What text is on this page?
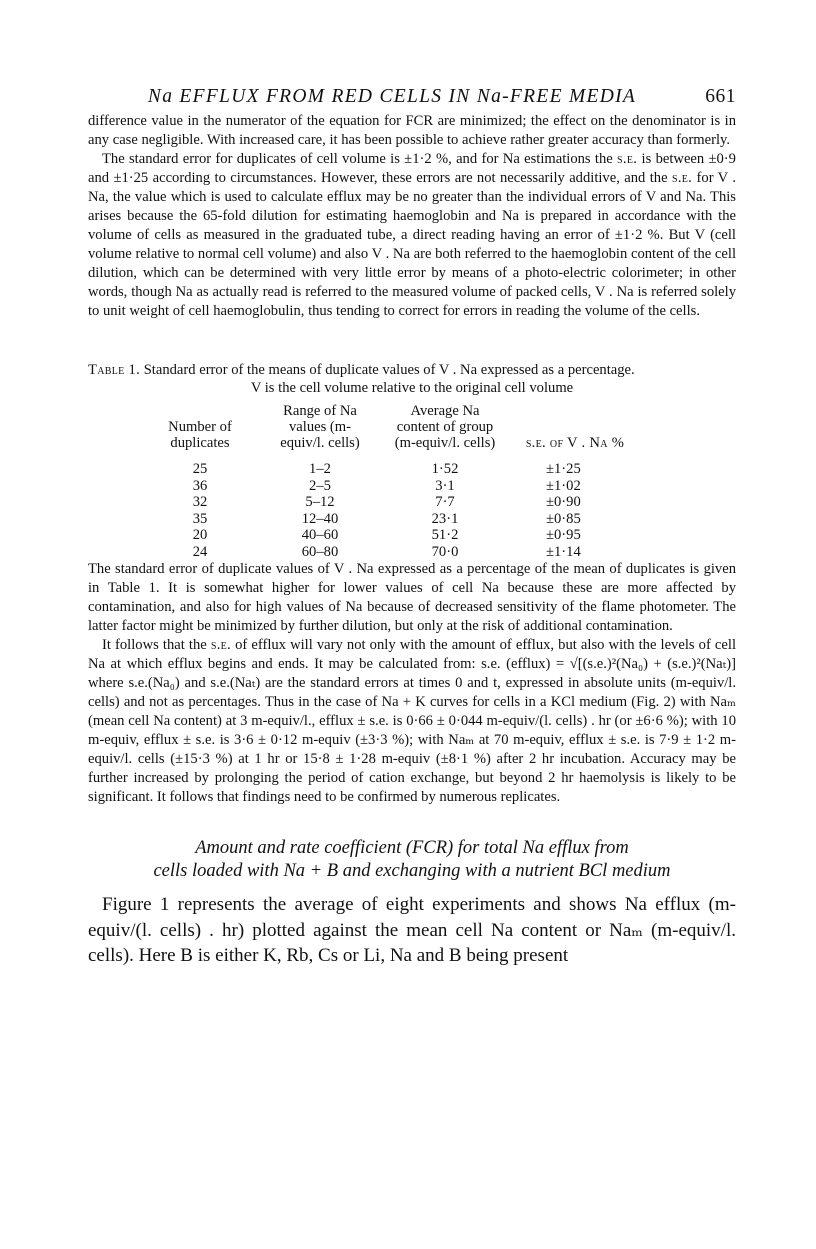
Na EFFLUX FROM RED CELLS IN Na-FREE MEDIA	661

difference value in the numerator of the equation for FCR are minimized; the effect on the denominator is in any case negligible. With increased care, it has been possible to achieve rather greater accuracy than formerly.

The standard error for duplicates of cell volume is ±1·2 %, and for Na estimations the s.e. is between ±0·9 and ±1·25 according to circumstances. However, these errors are not necessarily additive, and the s.e. for V . Na, the value which is used to calculate efflux may be no greater than the individual errors of V and Na. This arises because the 65-fold dilution for estimating haemoglobin and Na is prepared in accordance with the volume of cells as measured in the graduated tube, a direct reading having an error of ±1·2 %. But V (cell volume relative to normal cell volume) and also V . Na are both referred to the haemoglobin content of the cell dilution, which can be determined with very little error by means of a photo-electric colorimeter; in other words, though Na as actually read is referred to the measured volume of packed cells, V . Na is referred solely to unit weight of cell haemoglobulin, thus tending to correct for errors in reading the volume of the cells.

Table 1. Standard error of the means of duplicate values of V . Na expressed as a percentage.
V is the cell volume relative to the original cell volume
Number of duplicates	Range of Na values (m-equiv/l. cells)	Average Na content of group (m-equiv/l. cells)	s.e. of V . Na %
25	1–2	1·52	±1·25
36	2–5	3·1	±1·02
32	5–12	7·7	±0·90
35	12–40	23·1	±0·85
20	40–60	51·2	±0·95
24	60–80	70·0	±1·14

The standard error of duplicate values of V . Na expressed as a percentage of the mean of duplicates is given in Table 1. It is somewhat higher for lower values of cell Na because these are more affected by contamination, and also for high values of Na because of decreased sensitivity of the flame photometer. The latter factor might be minimized by further dilution, but only at the risk of additional contamination.

It follows that the s.e. of efflux will vary not only with the amount of efflux, but also with the levels of cell Na at which efflux begins and ends. It may be calculated from: s.e. (efflux) = √[(s.e.)²(Na₀) + (s.e.)²(Naₜ)] where s.e.(Na₀) and s.e.(Naₜ) are the standard errors at times 0 and t, expressed in absolute units (m-equiv/l. cells) and not as percentages. Thus in the case of Na + K curves for cells in a KCl medium (Fig. 2) with Naₘ (mean cell Na content) at 3 m-equiv/l., efflux ± s.e. is 0·66 ± 0·044 m-equiv/(l. cells) . hr (or ±6·6 %); with 10 m-equiv, efflux ± s.e. is 3·6 ± 0·12 m-equiv (±3·3 %); with Naₘ at 70 m-equiv, efflux ± s.e. is 7·9 ± 1·2 m-equiv/l. cells (±15·3 %) at 1 hr or 15·8 ± 1·28 m-equiv (±8·1 %) after 2 hr incubation. Accuracy may be further increased by prolonging the period of cation exchange, but beyond 2 hr haemolysis is likely to be significant. It follows that findings need to be confirmed by numerous replicates.

Amount and rate coefficient (FCR) for total Na efflux from
cells loaded with Na + B and exchanging with a nutrient BCl medium

Figure 1 represents the average of eight experiments and shows Na efflux (m-equiv/(l. cells) . hr) plotted against the mean cell Na content or Naₘ (m-equiv/l. cells). Here B is either K, Rb, Cs or Li, Na and B being present
